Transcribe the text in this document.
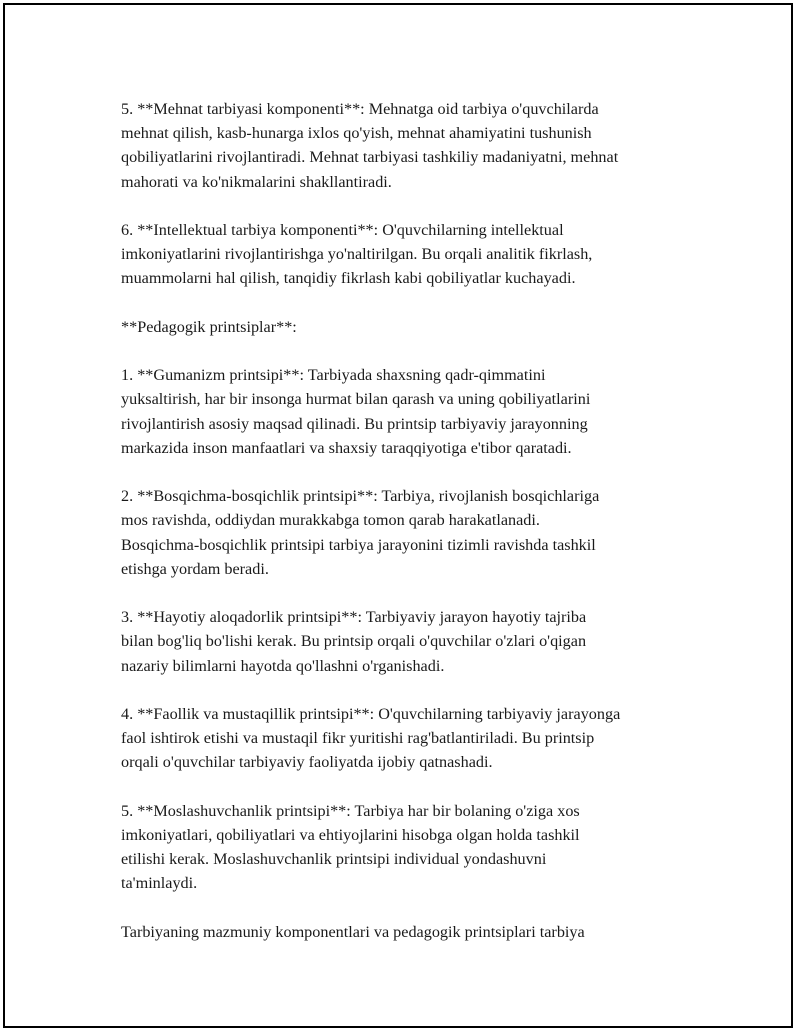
5. **Mehnat tarbiyasi komponenti**: Mehnatga oid tarbiya o'quvchilarda
mehnat qilish, kasb-hunarga ixlos qo'yish, mehnat ahamiyatini tushunish
qobiliyatlarini rivojlantiradi. Mehnat tarbiyasi tashkiliy madaniyatni, mehnat
mahorati va ko'nikmalarini shakllantiradi.

6. **Intellektual tarbiya komponenti**: O'quvchilarning intellektual
imkoniyatlarini rivojlantirishga yo'naltirilgan. Bu orqali analitik fikrlash,
muammolarni hal qilish, tanqidiy fikrlash kabi qobiliyatlar kuchayadi.

**Pedagogik printsiplar**:

1. **Gumanizm printsipi**: Tarbiyada shaxsning qadr-qimmatini
yuksaltirish, har bir insonga hurmat bilan qarash va uning qobiliyatlarini
rivojlantirish asosiy maqsad qilinadi. Bu printsip tarbiyaviy jarayonning
markazida inson manfaatlari va shaxsiy taraqqiyotiga e'tibor qaratadi.

2. **Bosqichma-bosqichlik printsipi**: Tarbiya, rivojlanish bosqichlariga
mos ravishda, oddiydan murakkabga tomon qarab harakatlanadi.
Bosqichma-bosqichlik printsipi tarbiya jarayonini tizimli ravishda tashkil
etishga yordam beradi.

3. **Hayotiy aloqadorlik printsipi**: Tarbiyaviy jarayon hayotiy tajriba
bilan bog'liq bo'lishi kerak. Bu printsip orqali o'quvchilar o'zlari o'qigan
nazariy bilimlarni hayotda qo'llashni o'rganishadi.

4. **Faollik va mustaqillik printsipi**: O'quvchilarning tarbiyaviy jarayonga
faol ishtirok etishi va mustaqil fikr yuritishi rag'batlantiriladi. Bu printsip
orqali o'quvchilar tarbiyaviy faoliyatda ijobiy qatnashadi.

5. **Moslashuvchanlik printsipi**: Tarbiya har bir bolaning o'ziga xos
imkoniyatlari, qobiliyatlari va ehtiyojlarini hisobga olgan holda tashkil
etilishi kerak. Moslashuvchanlik printsipi individual yondashuvni
ta'minlaydi.

Tarbiyaning mazmuniy komponentlari va pedagogik printsiplari tarbiya
